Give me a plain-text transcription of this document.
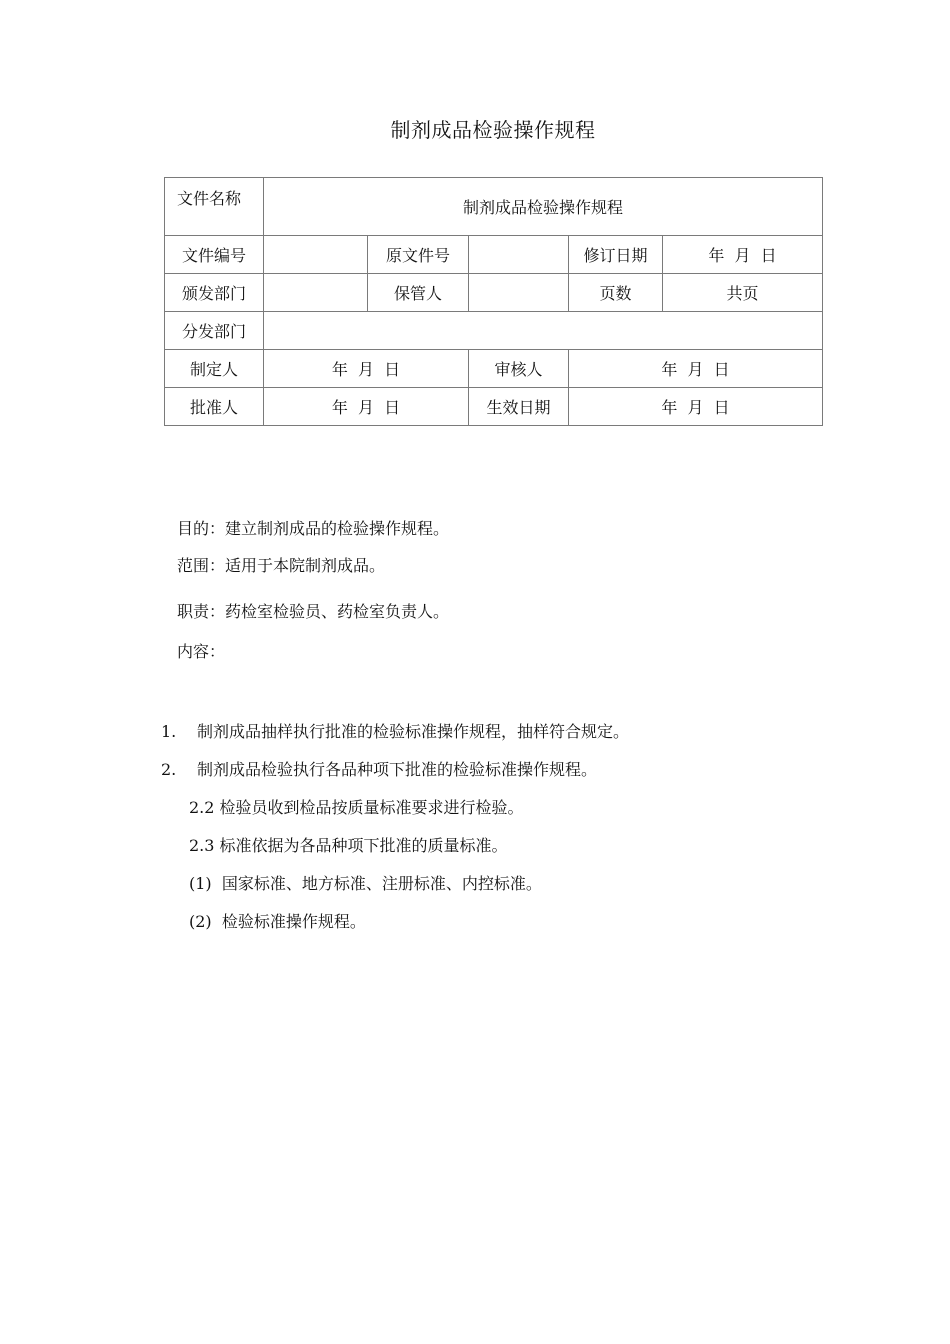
制剂成品检验操作规程
文件名称	制剂成品检验操作规程				
文件编号		原文件号		修订日期	年  月  日
颁发部门		保管人		页数	共页
分发部门					
制定人	年  月  日		审核人	年  月  日	
批准人	年  月  日		生效日期	年  月  日	
目的：建立制剂成品的检验操作规程。
范围：适用于本院制剂成品。
职责：药检室检验员、药检室负责人。
内容：
1. 制剂成品抽样执行批准的检验标准操作规程，抽样符合规定。
2. 制剂成品检验执行各品种项下批准的检验标准操作规程。
2.2 检验员收到检品按质量标准要求进行检验。
2.3 标准依据为各品种项下批准的质量标准。
(1)  国家标准、地方标准、注册标准、内控标准。
(2)  检验标准操作规程。
